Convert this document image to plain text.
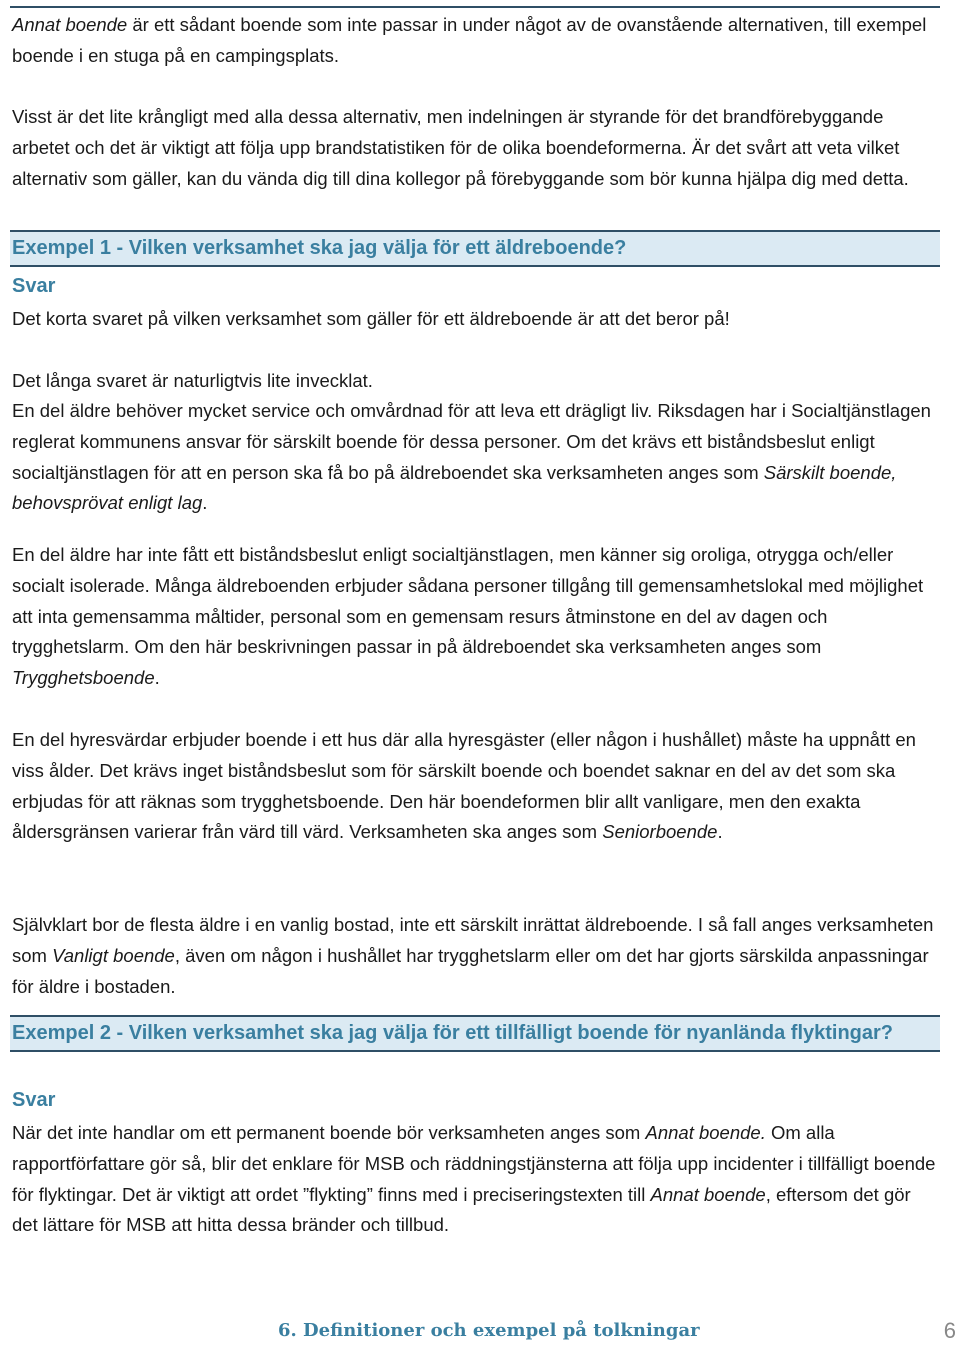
Annat boende är ett sådant boende som inte passar in under något av de ovanstående alternativen, till exempel boende i en stuga på en campingsplats.

Visst är det lite krångligt med alla dessa alternativ, men indelningen är styrande för det brandförebyggande arbetet och det är viktigt att följa upp brandstatistiken för de olika boendeformerna. Är det svårt att veta vilket alternativ som gäller, kan du vända dig till dina kollegor på förebyggande som bör kunna hjälpa dig med detta.

Exempel 1 - Vilken verksamhet ska jag välja för ett äldreboende?
Svar

Det korta svaret på vilken verksamhet som gäller för ett äldreboende är att det beror på!

Det långa svaret är naturligtvis lite invecklat.

En del äldre behöver mycket service och omvårdnad för att leva ett drägligt liv. Riksdagen har i Socialtjänstlagen reglerat kommunens ansvar för särskilt boende för dessa personer. Om det krävs ett biståndsbeslut enligt socialtjänstlagen för att en person ska få bo på äldreboendet ska verksamheten anges som Särskilt boende, behovsprövat enligt lag.

En del äldre har inte fått ett biståndsbeslut enligt socialtjänstlagen, men känner sig oroliga, otrygga och/eller socialt isolerade. Många äldreboenden erbjuder sådana personer tillgång till gemensamhetslokal med möjlighet att inta gemensamma måltider, personal som en gemensam resurs åtminstone en del av dagen och trygghetslarm. Om den här beskrivningen passar in på äldreboendet ska verksamheten anges som Trygghetsboende.

En del hyresvärdar erbjuder boende i ett hus där alla hyresgäster (eller någon i hushållet) måste ha uppnått en viss ålder. Det krävs inget biståndsbeslut som för särskilt boende och boendet saknar en del av det som ska erbjudas för att räknas som trygghetsboende. Den här boendeformen blir allt vanligare, men den exakta åldersgränsen varierar från värd till värd. Verksamheten ska anges som Seniorboende.

Självklart bor de flesta äldre i en vanlig bostad, inte ett särskilt inrättat äldreboende. I så fall anges verksamheten som Vanligt boende, även om någon i hushållet har trygghetslarm eller om det har gjorts särskilda anpassningar för äldre i bostaden.

Exempel 2 - Vilken verksamhet ska jag välja för ett tillfälligt boende för nyanlända flyktingar?
Svar

När det inte handlar om ett permanent boende bör verksamheten anges som Annat boende. Om alla rapportförfattare gör så, blir det enklare för MSB och räddningstjänsterna att följa upp incidenter i tillfälligt boende för flyktingar. Det är viktigt att ordet ”flykting” finns med i preciseringstexten till Annat boende, eftersom det gör det lättare för MSB att hitta dessa bränder och tillbud.

6. Definitioner och exempel på tolkningar	6
